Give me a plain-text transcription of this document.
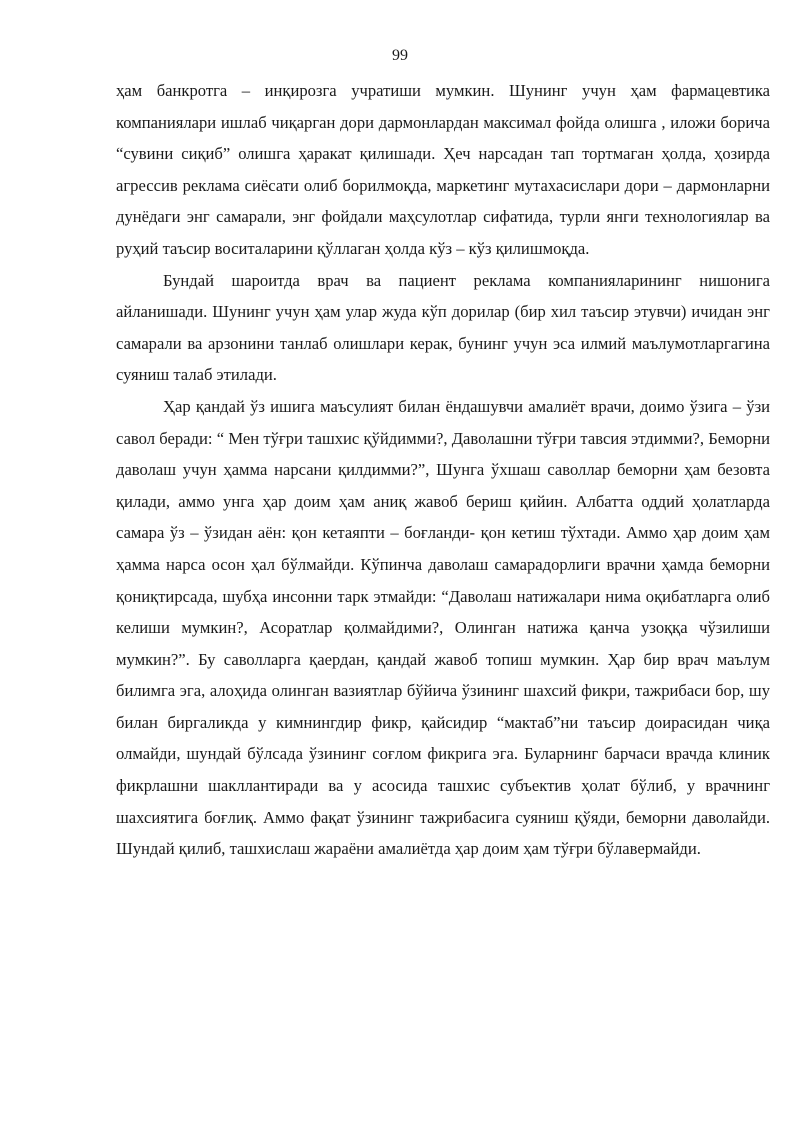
99

ҳам банкротга – инқирозга учратиши мумкин. Шунинг учун ҳам фармацевтика компаниялари ишлаб чиқарган дори дармонлардан максимал фойда олишга , иложи борича “сувини сиқиб” олишга ҳаракат қилишади. Ҳеч нарсадан тап тортмаган ҳолда, ҳозирда агрессив реклама сиёсати олиб борилмоқда, маркетинг мутахасислари дори – дармонларни дунёдаги энг самарали, энг фойдали маҳсулотлар сифатида, турли янги технологиялар ва руҳий таъсир воситаларини қўллаган ҳолда кўз – кўз қилишмоқда.

Бундай шароитда врач ва пациент реклама компанияларининг нишонига айланишади. Шунинг учун ҳам улар жуда кўп дорилар (бир хил таъсир этувчи) ичидан энг самарали ва арзонини танлаб олишлари керак, бунинг учун эса илмий маълумотларгагина суяниш талаб этилади.

Ҳар қандай ўз ишига маъсулият билан ёндашувчи амалиёт врачи, доимо ўзига – ўзи савол беради: “ Мен тўғри ташхис қўйдимми?, Даволашни тўғри тавсия этдимми?, Беморни даволаш учун ҳамма нарсани қилдимми?”, Шунга ўхшаш саволлар беморни ҳам безовта қилади, аммо унга ҳар доим ҳам аниқ жавоб бериш қийин. Албатта оддий ҳолатларда самара ўз – ўзидан аён: қон кетаяпти – боғланди- қон кетиш тўхтади. Аммо ҳар доим ҳам ҳамма нарса осон ҳал бўлмайди. Кўпинча даволаш самарадорлиги врачни ҳамда беморни қониқтирсада, шубҳа инсонни тарк этмайди: “Даволаш натижалари нима оқибатларга олиб келиши мумкин?, Асоратлар қолмайдими?, Олинган натижа қанча узоққа чўзилиши мумкин?”. Бу саволларга қаердан, қандай жавоб топиш мумкин. Ҳар бир врач маълум билимга эга, алоҳида олинган вазиятлар бўйича ўзининг шахсий фикри, тажрибаси бор, шу билан биргаликда у кимнингдир фикр, қайсидир “мактаб”ни таъсир доирасидан чиқа олмайди, шундай бўлсада ўзининг соғлом фикрига эга. Буларнинг барчаси врачда клиник фикрлашни шакллантиради ва у асосида ташхис субъектив ҳолат бўлиб, у врачнинг шахсиятига боғлиқ. Аммо фақат ўзининг тажрибасига суяниш қўяди, беморни даволайди. Шундай қилиб, ташхислаш жараёни амалиётда ҳар доим ҳам тўғри бўлавермайди.
